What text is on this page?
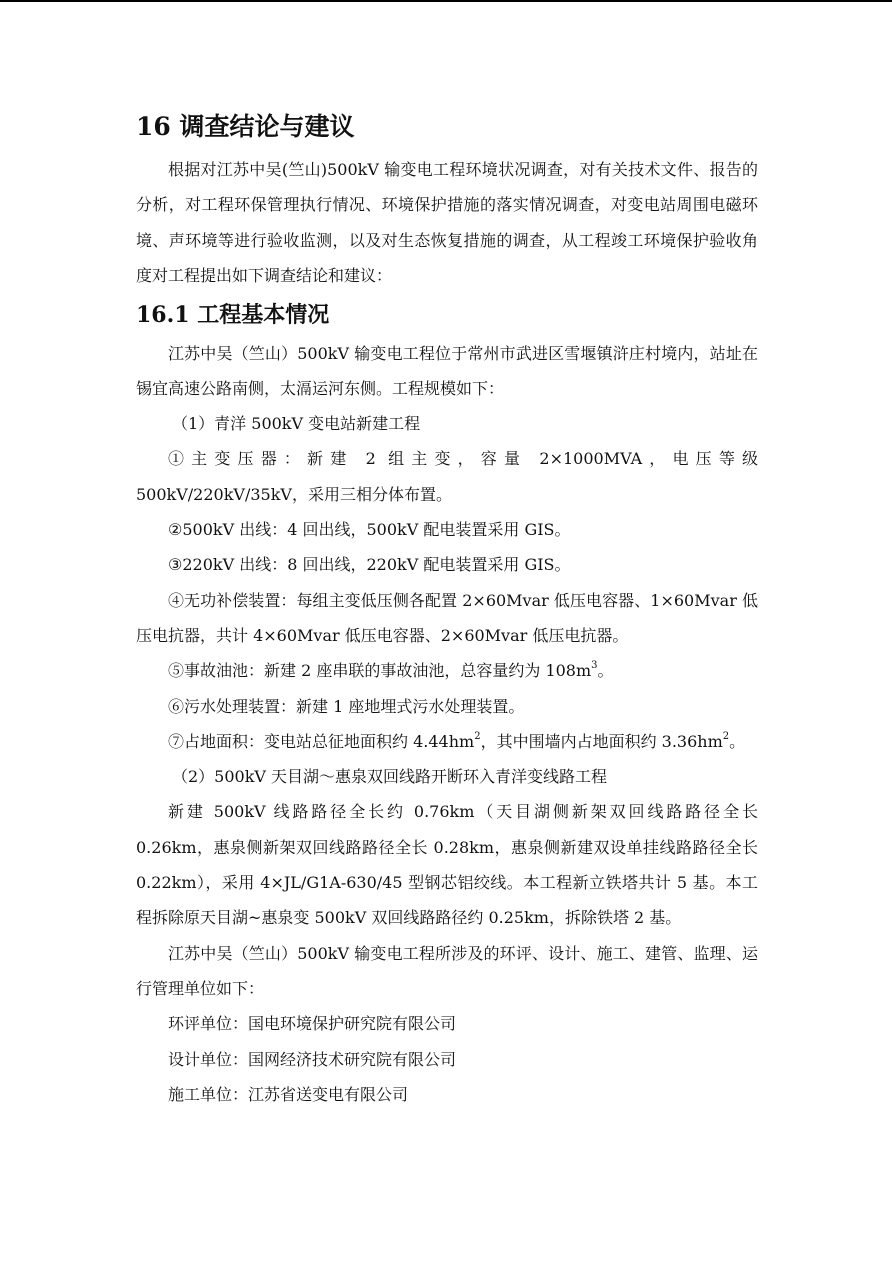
16 调查结论与建议

根据对江苏中吴(竺山)500kV 输变电工程环境状况调查，对有关技术文件、报告的分析，对工程环保管理执行情况、环境保护措施的落实情况调查，对变电站周围电磁环境、声环境等进行验收监测，以及对生态恢复措施的调查，从工程竣工环境保护验收角度对工程提出如下调查结论和建议：

16.1 工程基本情况

江苏中吴（竺山）500kV 输变电工程位于常州市武进区雪堰镇浒庄村境内，站址在锡宜高速公路南侧，太滆运河东侧。工程规模如下：

（1）青洋 500kV 变电站新建工程

①主变压器：新建 2 组主变，容量 2×1000MVA，电压等级 500kV/220kV/35kV，采用三相分体布置。

②500kV 出线：4 回出线，500kV 配电装置采用 GIS。

③220kV 出线：8 回出线，220kV 配电装置采用 GIS。

④无功补偿装置：每组主变低压侧各配置 2×60Mvar 低压电容器、1×60Mvar 低压电抗器，共计 4×60Mvar 低压电容器、2×60Mvar 低压电抗器。

⑤事故油池：新建 2 座串联的事故油池，总容量约为 $108m^3$。

⑥污水处理装置：新建 1 座地埋式污水处理装置。

⑦占地面积：变电站总征地面积约 $4.44hm^2$，其中围墙内占地面积约 $3.36hm^2$。

（2）500kV 天目湖～惠泉双回线路开断环入青洋变线路工程

新建 500kV 线路路径全长约 0.76km（天目湖侧新架双回线路路径全长 0.26km，惠泉侧新架双回线路路径全长 0.28km，惠泉侧新建双设单挂线路路径全长 0.22km），采用 4×JL/G1A-630/45 型钢芯铝绞线。本工程新立铁塔共计 5 基。本工程拆除原天目湖~惠泉变 500kV 双回线路路径约 0.25km，拆除铁塔 2 基。

江苏中吴（竺山）500kV 输变电工程所涉及的环评、设计、施工、建管、监理、运行管理单位如下：

环评单位：国电环境保护研究院有限公司

设计单位：国网经济技术研究院有限公司

施工单位：江苏省送变电有限公司
